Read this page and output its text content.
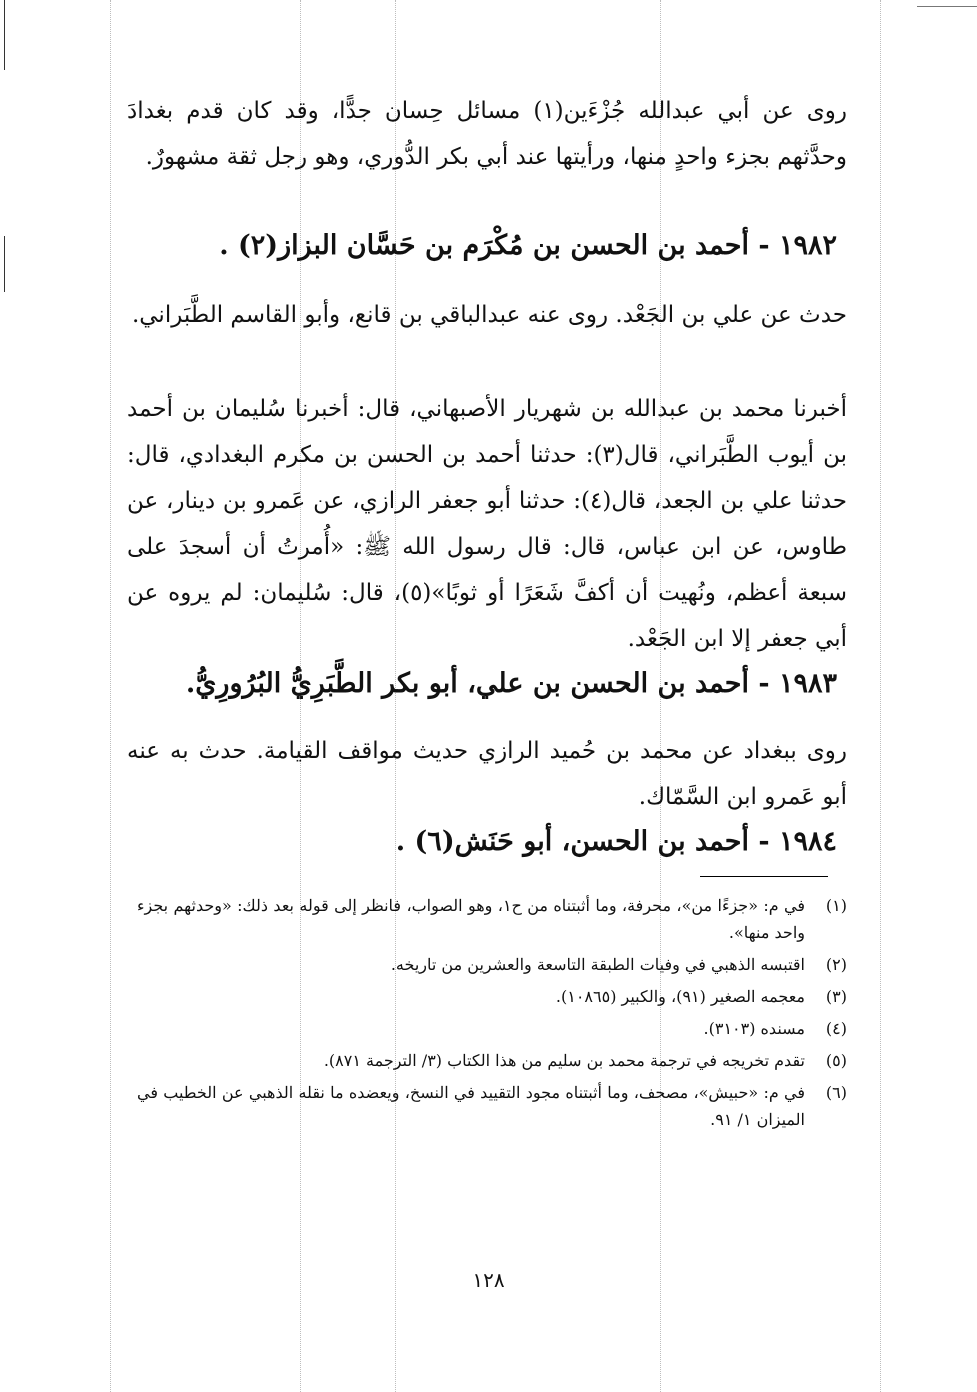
روى عن أبي عبدالله جُزْءَين(١) مسائل حِسان جدًّا، وقد كان قدم بغدادَ وحدَّثهم بجزء واحدٍ منها، ورأيتها عند أبي بكر الدُّوري، وهو رجل ثقة مشهورٌ.
١٩٨٢ - أحمد بن الحسن بن مُكْرَم بن حَسَّان البزاز(٢) .
حدث عن علي بن الجَعْد. روى عنه عبدالباقي بن قانع، وأبو القاسم الطَّبَراني.
أخبرنا محمد بن عبدالله بن شهريار الأصبهاني، قال: أخبرنا سُليمان بن أحمد بن أيوب الطَّبَراني، قال(٣): حدثنا أحمد بن الحسن بن مكرم البغدادي، قال: حدثنا علي بن الجعد، قال(٤): حدثنا أبو جعفر الرازي، عن عَمرو بن دينار، عن طاوس، عن ابن عباس، قال: قال رسول الله ﷺ: «أُمرتُ أن أسجدَ على سبعة أعظم، ونُهيت أن أكفَّ شَعَرًا أو ثوبًا»(٥)، قال: سُليمان: لم يروه عن أبي جعفر إلا ابن الجَعْد.
١٩٨٣ - أحمد بن الحسن بن علي، أبو بكر الطَّبَرِيُّ البُرُورِيُّ.
روى ببغداد عن محمد بن حُميد الرازي حديث مواقف القيامة. حدث به عنه أبو عَمرو ابن السَّمّاك.
١٩٨٤ - أحمد بن الحسن، أبو حَنَش(٦) .
(١)
في م: «جزءًا من»، محرفة، وما أثبتناه من ح١، وهو الصواب، فانظر إلى قوله بعد ذلك: «وحدثهم بجزء واحد منها».
(٢)
اقتبسه الذهبي في وفيات الطبقة التاسعة والعشرين من تاريخه.
(٣)
معجمه الصغير (٩١)، والكبير (١٠٨٦٥).
(٤)
مسنده (٣١٠٣).
(٥)
تقدم تخريجه في ترجمة محمد بن سليم من هذا الكتاب (٣/ الترجمة ٨٧١).
(٦)
في م: «حبيش»، مصحف، وما أثبتناه مجود التقييد في النسخ، ويعضده ما نقله الذهبي عن الخطيب في الميزان ١/ ٩١.
١٢٨
